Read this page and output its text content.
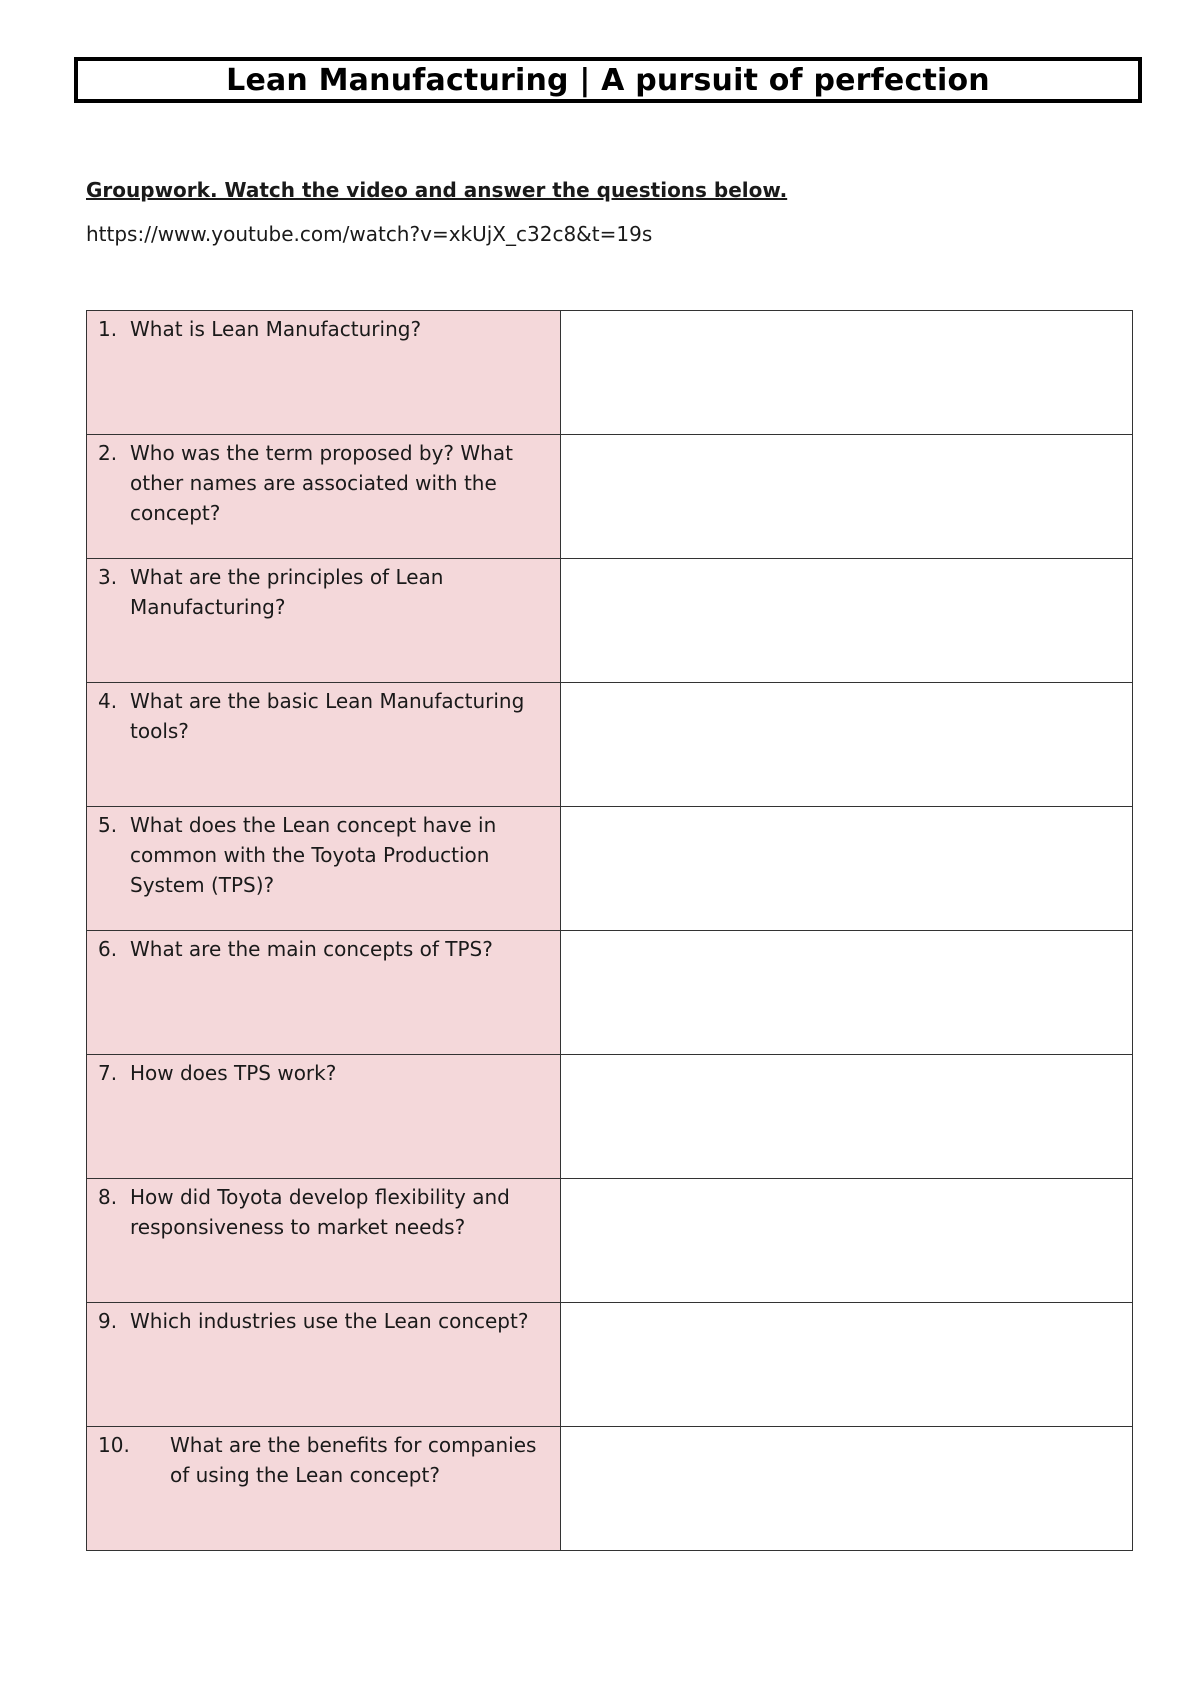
Lean Manufacturing | A pursuit of perfection
Groupwork. Watch the video and answer the questions below.
https://www.youtube.com/watch?v=xkUjX_c32c8&t=19s
1. What is Lean Manufacturing?	

2. Who was the term proposed by? What other names are associated with the concept?	

3. What are the principles of Lean Manufacturing?	

4. What are the basic Lean Manufacturing tools?	

5. What does the Lean concept have in common with the Toyota Production System (TPS)?	

6. What are the main concepts of TPS?	

7. How does TPS work?	

8. How did Toyota develop flexibility and responsiveness to market needs?	

9. Which industries use the Lean concept?	

10. What are the benefits for companies of using the Lean concept?	
